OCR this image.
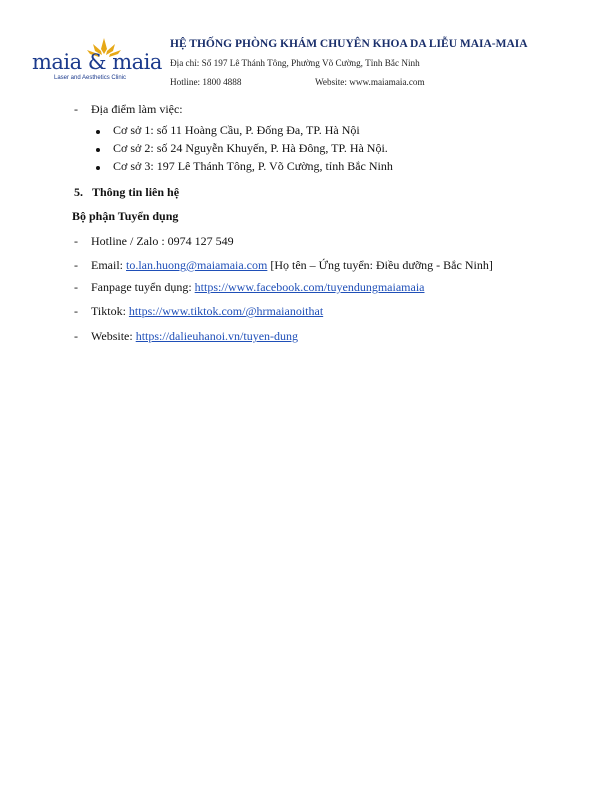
maia & maia
Laser and Aesthetics Clinic
HỆ THỐNG PHÒNG KHÁM CHUYÊN KHOA DA LIỄU MAIA-MAIA
Địa chỉ: Số 197 Lê Thánh Tông, Phường Võ Cường, Tỉnh Bắc Ninh
Hotline: 1800 4888	Website: www.maiamaia.com
- Địa điểm làm việc:
Cơ sở 1: số 11 Hoàng Cầu, P. Đống Đa, TP. Hà Nội
Cơ sở 2: số 24 Nguyễn Khuyến, P. Hà Đông, TP. Hà Nội.
Cơ sở 3: 197 Lê Thánh Tông, P. Võ Cường, tỉnh Bắc Ninh
5. Thông tin liên hệ
Bộ phận Tuyển dụng
- Hotline / Zalo : 0974 127 549
- Email: to.lan.huong@maiamaia.com [Họ tên – Ứng tuyển: Điều dưỡng - Bắc Ninh]
- Fanpage tuyển dụng: https://www.facebook.com/tuyendungmaiamaia
- Tiktok: https://www.tiktok.com/@hrmaianoithat
- Website: https://dalieuhanoi.vn/tuyen-dung
